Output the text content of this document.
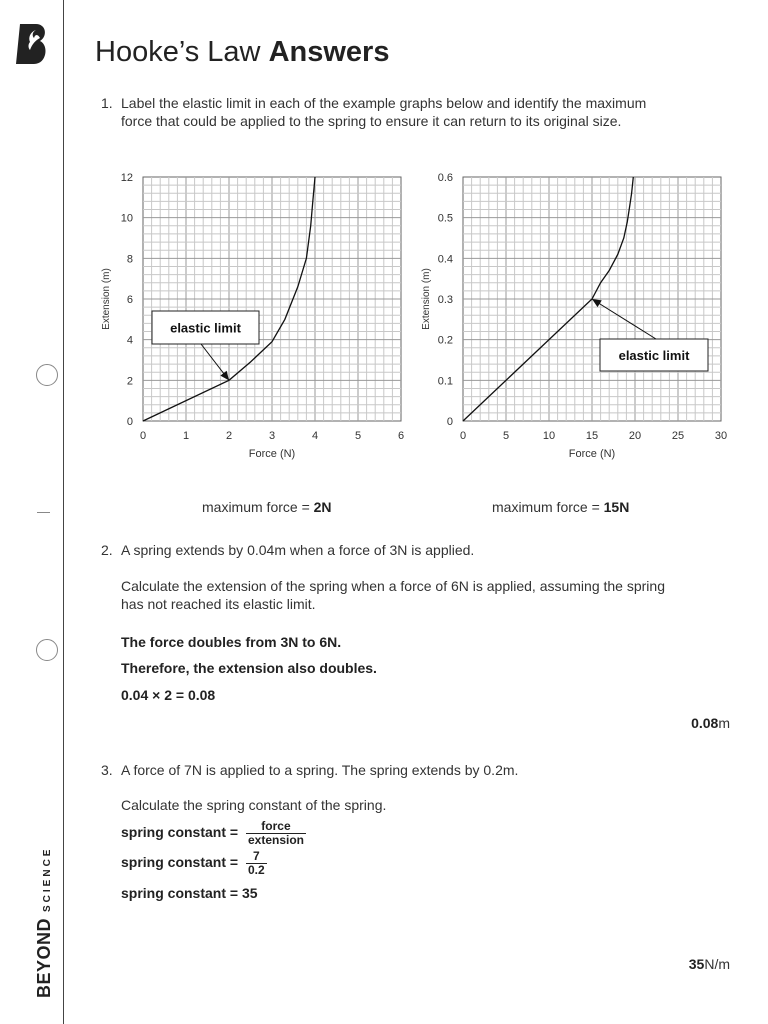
BEYONDSCIENCE
Hooke’s Law Answers
1. Label the elastic limit in each of the example graphs below and identify the maximum
force that could be applied to the spring to ensure it can return to its original size.
0	1	2	3	4	5	6
0
2
4
6
8
10
12
Force (N)
Extension (m)	elastic limit
0	5	10	15	20	25	30
0
0.1
0.2
0.3
0.4
0.5
0.6
Force (N)
Extension (m)
elastic limit
maximum force = 2N	maximum force = 15N
2. A spring extends by 0.04m when a force of 3N is applied.
Calculate the extension of the spring when a force of 6N is applied, assuming the spring
has not reached its elastic limit.
The force doubles from 3N to 6N.
Therefore, the extension also doubles.
0.04 × 2 = 0.08
0.08m
3. A force of 7N is applied to a spring. The spring extends by 0.2m.
Calculate the spring constant of the spring.
spring constant = $\frac{\text{force}}{\text{extension}}$
spring constant = $\frac{7}{0.2}$
spring constant = 35
35N/m
